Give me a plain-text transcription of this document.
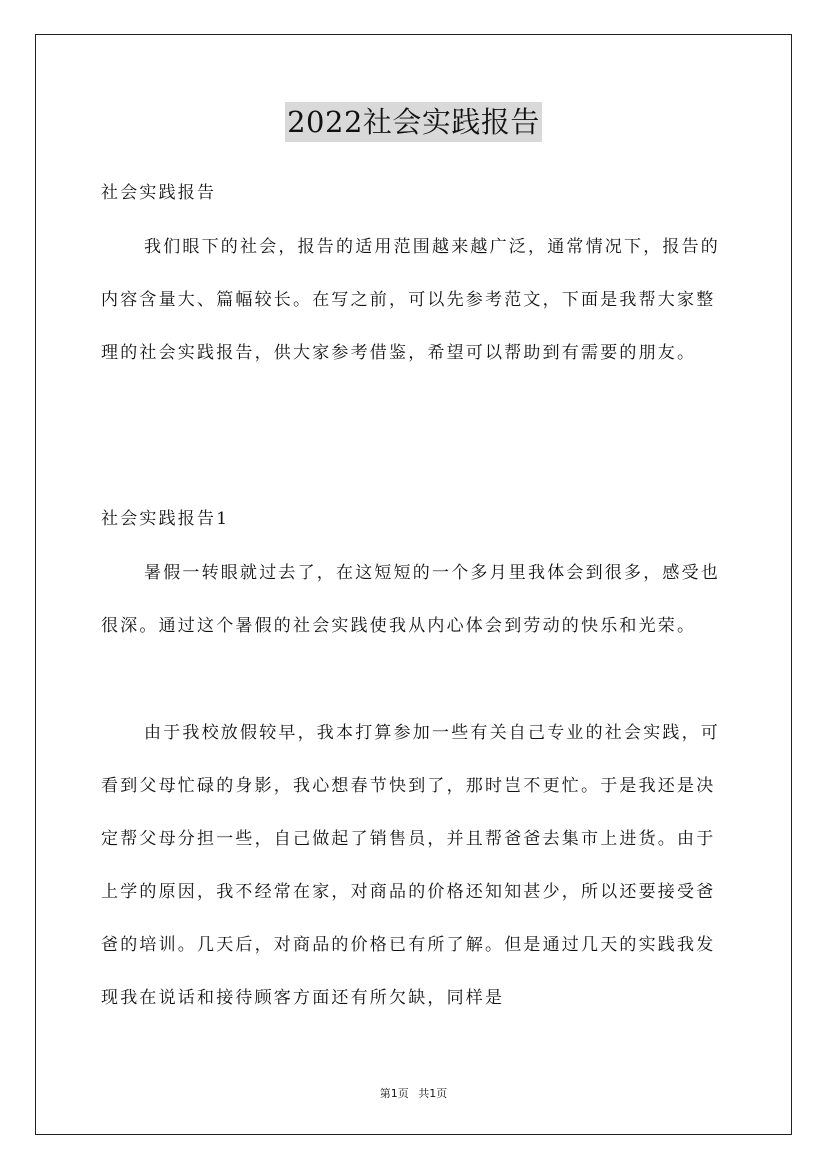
2022社会实践报告

社会实践报告

我们眼下的社会，报告的适用范围越来越广泛，通常情况下，报告的内容含量大、篇幅较长。在写之前，可以先参考范文，下面是我帮大家整理的社会实践报告，供大家参考借鉴，希望可以帮助到有需要的朋友。

社会实践报告1

暑假一转眼就过去了，在这短短的一个多月里我体会到很多，感受也很深。通过这个暑假的社会实践使我从内心体会到劳动的快乐和光荣。

由于我校放假较早，我本打算参加一些有关自己专业的社会实践，可看到父母忙碌的身影，我心想春节快到了，那时岂不更忙。于是我还是决定帮父母分担一些，自己做起了销售员，并且帮爸爸去集市上进货。由于上学的原因，我不经常在家，对商品的价格还知知甚少，所以还要接受爸爸的培训。几天后，对商品的价格已有所了解。但是通过几天的实践我发现我在说话和接待顾客方面还有所欠缺，同样是

第1页 共1页
